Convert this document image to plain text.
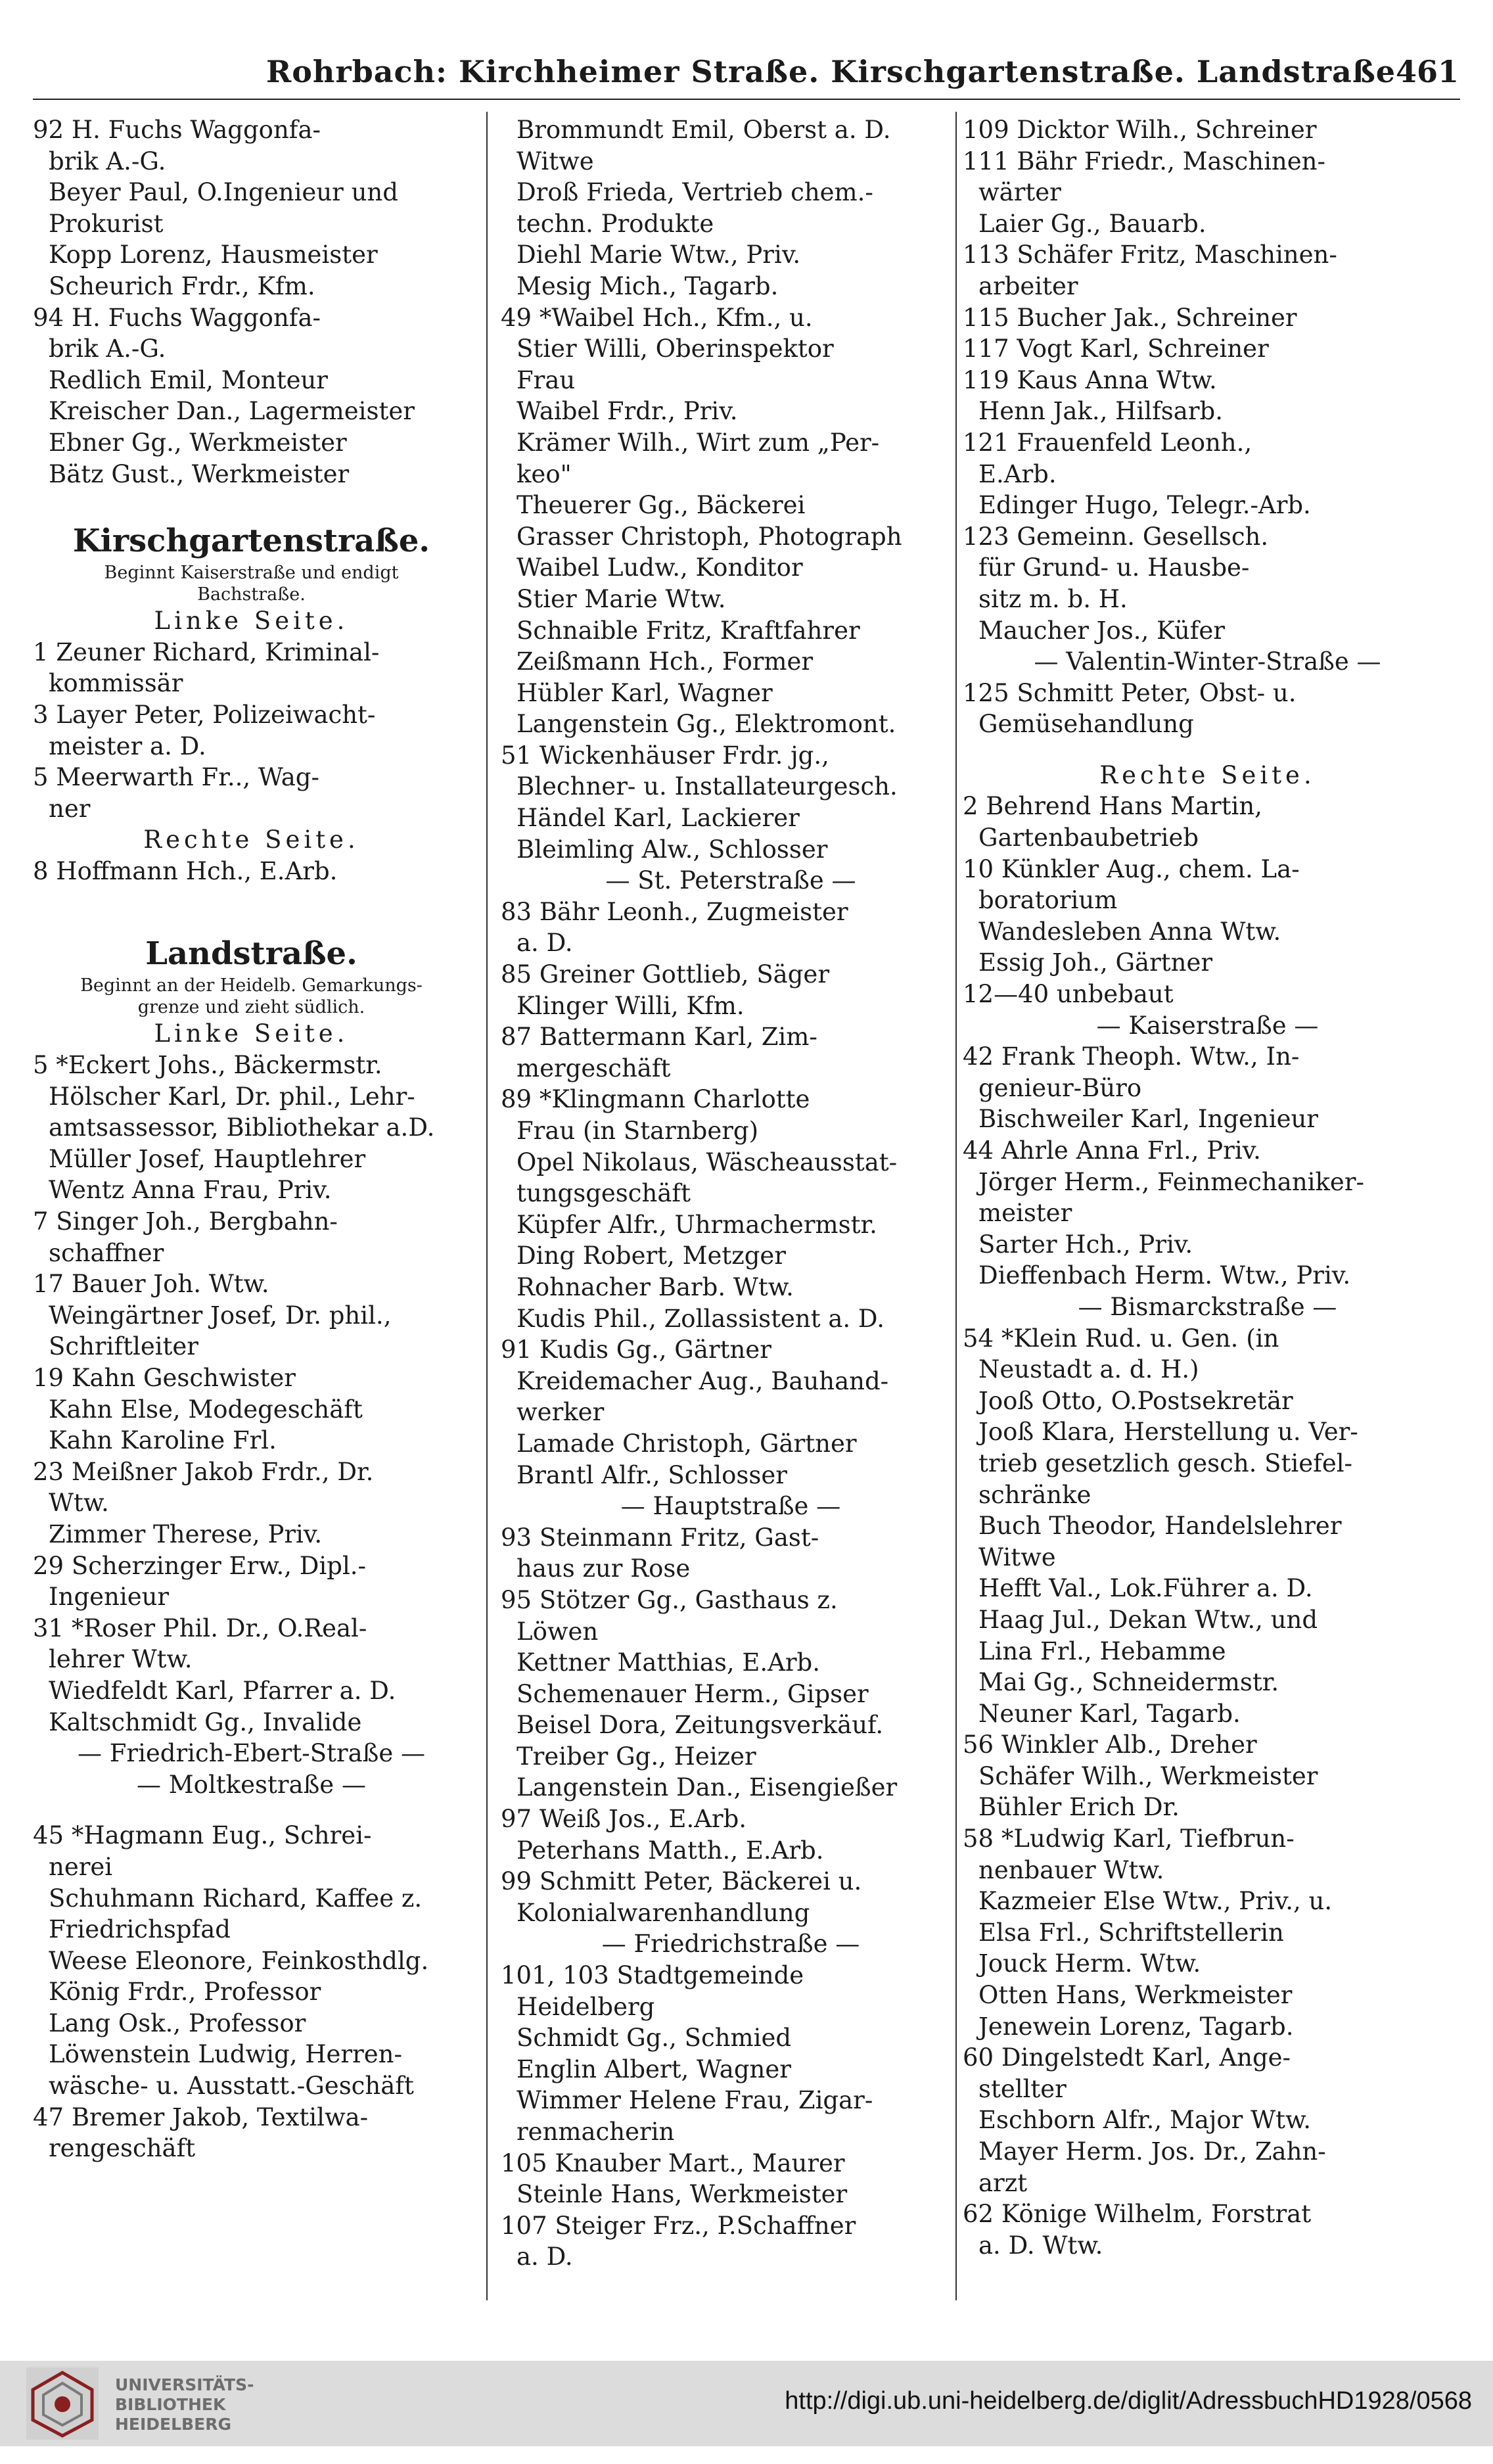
Rohrbach: Kirchheimer Straße. Kirschgartenstraße. Landstraße 461
92 H. Fuchs Waggonfa-
brik A.-G.
Beyer Paul, O.Ingenieur und
Prokurist
Kopp Lorenz, Hausmeister
Scheurich Frdr., Kfm.
94 H. Fuchs Waggonfa-
brik A.-G.
Redlich Emil, Monteur
Kreischer Dan., Lagermeister
Ebner Gg., Werkmeister
Bätz Gust., Werkmeister
Kirschgartenstraße.
Beginnt Kaiserstraße und endigt
Bachstraße.
Linke Seite.
1 Zeuner Richard, Kriminal-
kommissär
3 Layer Peter, Polizeiwacht-
meister a. D.
5 Meerwarth Fr.., Wag-
ner
Rechte Seite.
8 Hoffmann Hch., E.Arb.
Landstraße.
Beginnt an der Heidelb. Gemarkungs-
grenze und zieht südlich.
Linke Seite.
5 *Eckert Johs., Bäckermstr.
Hölscher Karl, Dr. phil., Lehr-
amtsassessor, Bibliothekar a.D.
Müller Josef, Hauptlehrer
Wentz Anna Frau, Priv.
7 Singer Joh., Bergbahn-
schaffner
17 Bauer Joh. Wtw.
Weingärtner Josef, Dr. phil.,
Schriftleiter
19 Kahn Geschwister
Kahn Else, Modegeschäft
Kahn Karoline Frl.
23 Meißner Jakob Frdr., Dr.
Wtw.
Zimmer Therese, Priv.
29 Scherzinger Erw., Dipl.-
Ingenieur
31 *Roser Phil. Dr., O.Real-
lehrer Wtw.
Wiedfeldt Karl, Pfarrer a. D.
Kaltschmidt Gg., Invalide
— Friedrich-Ebert-Straße —
— Moltkestraße —
45 *Hagmann Eug., Schrei-
nerei
Schuhmann Richard, Kaffee z.
Friedrichspfad
Weese Eleonore, Feinkosthdlg.
König Frdr., Professor
Lang Osk., Professor
Löwenstein Ludwig, Herren-
wäsche- u. Ausstatt.-Geschäft
47 Bremer Jakob, Textilwa-
rengeschäft
Brommundt Emil, Oberst a. D.
Witwe
Droß Frieda, Vertrieb chem.-
techn. Produkte
Diehl Marie Wtw., Priv.
Mesig Mich., Tagarb.
49 *Waibel Hch., Kfm., u.
Stier Willi, Oberinspektor
Frau
Waibel Frdr., Priv.
Krämer Wilh., Wirt zum „Per-
keo"
Theuerer Gg., Bäckerei
Grasser Christoph, Photograph
Waibel Ludw., Konditor
Stier Marie Wtw.
Schnaible Fritz, Kraftfahrer
Zeißmann Hch., Former
Hübler Karl, Wagner
Langenstein Gg., Elektromont.
51 Wickenhäuser Frdr. jg.,
Blechner- u. Installateurgesch.
Händel Karl, Lackierer
Bleimling Alw., Schlosser
— St. Peterstraße —
83 Bähr Leonh., Zugmeister
a. D.
85 Greiner Gottlieb, Säger
Klinger Willi, Kfm.
87 Battermann Karl, Zim-
mergeschäft
89 *Klingmann Charlotte
Frau (in Starnberg)
Opel Nikolaus, Wäscheausstat-
tungsgeschäft
Küpfer Alfr., Uhrmachermstr.
Ding Robert, Metzger
Rohnacher Barb. Wtw.
Kudis Phil., Zollassistent a. D.
91 Kudis Gg., Gärtner
Kreidemacher Aug., Bauhand-
werker
Lamade Christoph, Gärtner
Brantl Alfr., Schlosser
— Hauptstraße —
93 Steinmann Fritz, Gast-
haus zur Rose
95 Stötzer Gg., Gasthaus z.
Löwen
Kettner Matthias, E.Arb.
Schemenauer Herm., Gipser
Beisel Dora, Zeitungsverkäuf.
Treiber Gg., Heizer
Langenstein Dan., Eisengießer
97 Weiß Jos., E.Arb.
Peterhans Matth., E.Arb.
99 Schmitt Peter, Bäckerei u.
Kolonialwarenhandlung
— Friedrichstraße —
101, 103 Stadtgemeinde
Heidelberg
Schmidt Gg., Schmied
Englin Albert, Wagner
Wimmer Helene Frau, Zigar-
renmacherin
105 Knauber Mart., Maurer
Steinle Hans, Werkmeister
107 Steiger Frz., P.Schaffner
a. D.
109 Dicktor Wilh., Schreiner
111 Bähr Friedr., Maschinen-
wärter
Laier Gg., Bauarb.
113 Schäfer Fritz, Maschinen-
arbeiter
115 Bucher Jak., Schreiner
117 Vogt Karl, Schreiner
119 Kaus Anna Wtw.
Henn Jak., Hilfsarb.
121 Frauenfeld Leonh.,
E.Arb.
Edinger Hugo, Telegr.-Arb.
123 Gemeinn. Gesellsch.
für Grund- u. Hausbe-
sitz m. b. H.
Maucher Jos., Küfer
— Valentin-Winter-Straße —
125 Schmitt Peter, Obst- u.
Gemüsehandlung
Rechte Seite.
2 Behrend Hans Martin,
Gartenbaubetrieb
10 Künkler Aug., chem. La-
boratorium
Wandesleben Anna Wtw.
Essig Joh., Gärtner
12—40 unbebaut
— Kaiserstraße —
42 Frank Theoph. Wtw., In-
genieur-Büro
Bischweiler Karl, Ingenieur
44 Ahrle Anna Frl., Priv.
Jörger Herm., Feinmechaniker-
meister
Sarter Hch., Priv.
Dieffenbach Herm. Wtw., Priv.
— Bismarckstraße —
54 *Klein Rud. u. Gen. (in
Neustadt a. d. H.)
Jooß Otto, O.Postsekretär
Jooß Klara, Herstellung u. Ver-
trieb gesetzlich gesch. Stiefel-
schränke
Buch Theodor, Handelslehrer
Witwe
Hefft Val., Lok.Führer a. D.
Haag Jul., Dekan Wtw., und
Lina Frl., Hebamme
Mai Gg., Schneidermstr.
Neuner Karl, Tagarb.
56 Winkler Alb., Dreher
Schäfer Wilh., Werkmeister
Bühler Erich Dr.
58 *Ludwig Karl, Tiefbrun-
nenbauer Wtw.
Kazmeier Else Wtw., Priv., u.
Elsa Frl., Schriftstellerin
Jouck Herm. Wtw.
Otten Hans, Werkmeister
Jenewein Lorenz, Tagarb.
60 Dingelstedt Karl, Ange-
stellter
Eschborn Alfr., Major Wtw.
Mayer Herm. Jos. Dr., Zahn-
arzt
62 Könige Wilhelm, Forstrat
a. D. Wtw.
UNIVERSITÄTS-
BIBLIOTHEK
HEIDELBERG
http://digi.ub.uni-heidelberg.de/diglit/AdressbuchHD1928/0568
